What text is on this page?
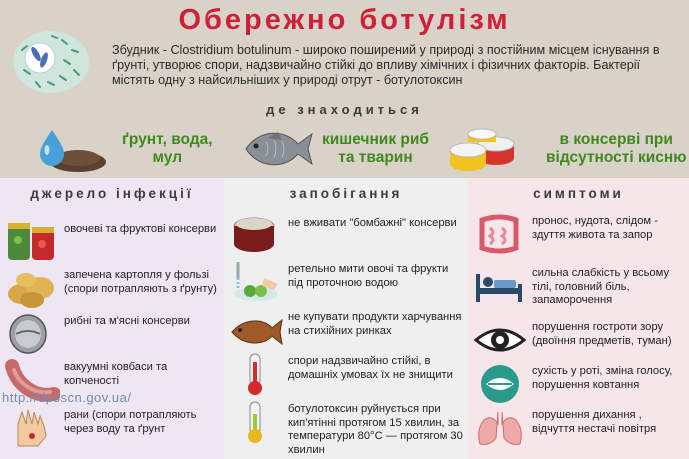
Обережно ботулізм
Збудник - Clostridium botulinum - широко поширений у природі з постійним місцем існування в ґрунті, утворює спори, надзвичайно стійкі до впливу хімічних і фізичних факторів. Бактерії містять одну з найсильніших у природі отрут - ботулотоксин
де знаходиться
ґрунт, вода,
мул
кишечник риб
та тварин
в консерві при
відсутності кисню
джерело інфекції
овочеві та фруктові консерви
запечена картопля у фользі (спори потрапляють з ґрунту)
рибні та м'ясні консерви
вакуумні ковбаси та копченості
рани (спори потрапляють через воду та ґрунт
запобігання
не вживати "бомбажні" консерви
ретельно мити овочі та фрукти під проточною водою
не купувати продукти харчування на стихійних ринках
спори надзвичайно стійкі, в домашніх умовах їх не знищити
ботулотоксин руйнується при кип'ятінні протягом 15 хвилин, за температури 80°C — протягом 30 хвилин
симптоми
пронос, нудота, слідом - здуття живота та запор
сильна слабкість у всьому тілі, головний біль, запаморочення
порушення гостроти зору (двоїння предметів, туман)
сухість у роті, зміна голосу, порушення ковтання
порушення дихання , відчуття нестачі повітря
http://dpsscn.gov.ua/
